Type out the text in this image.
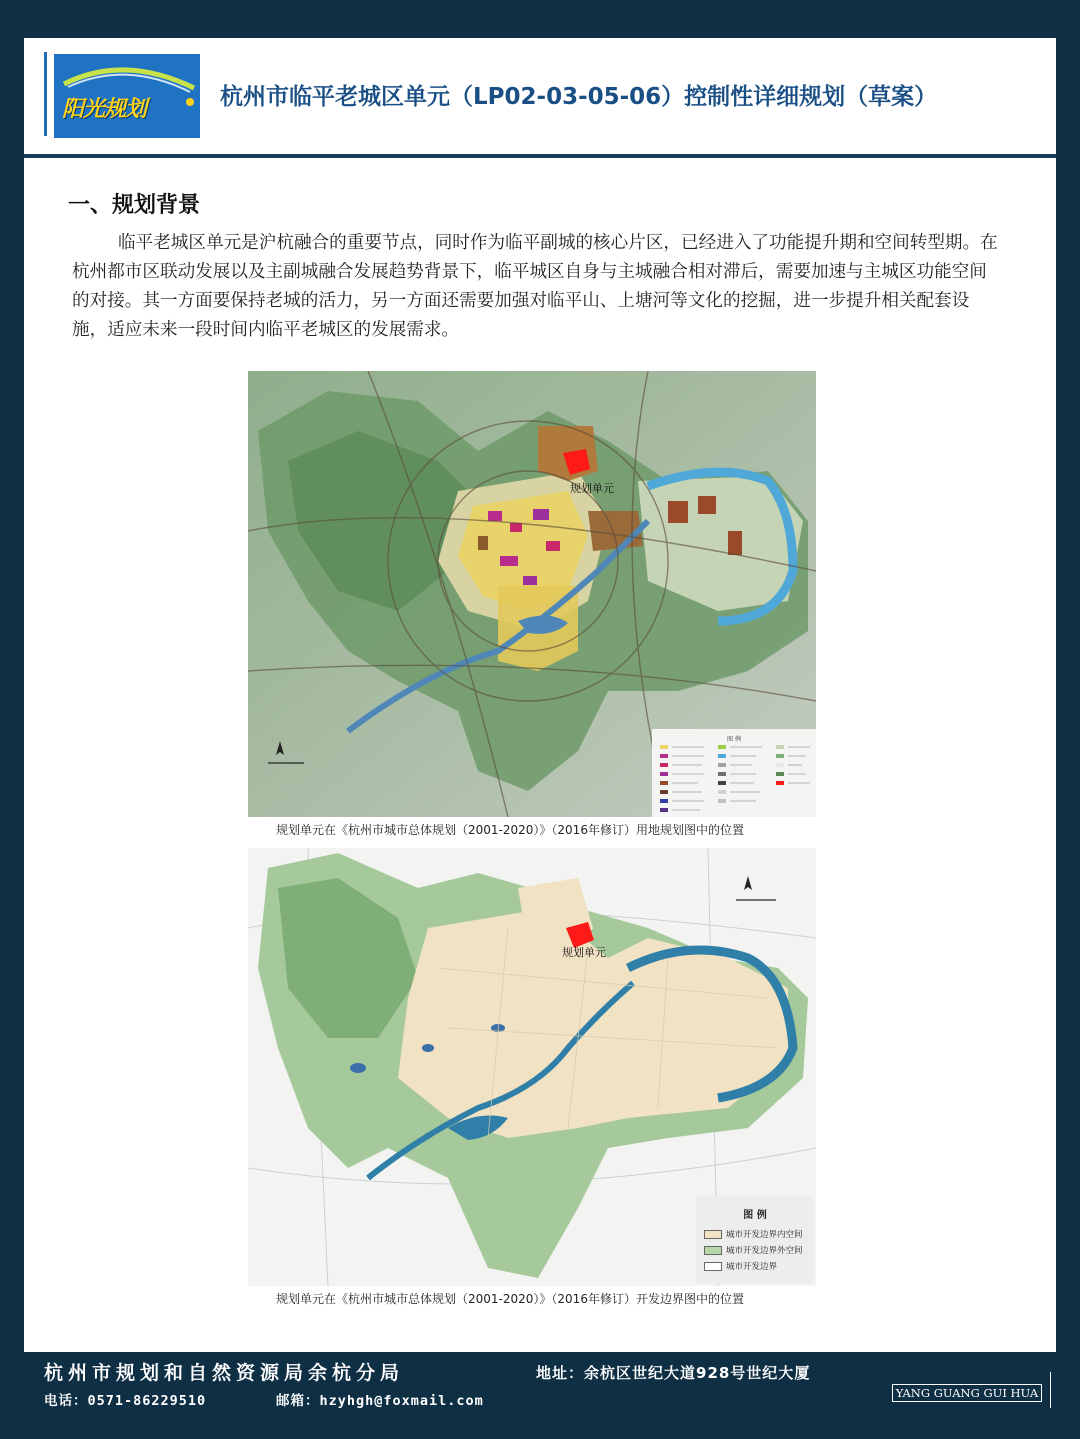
阳光规划	杭州市临平老城区单元（LP02-03-05-06）控制性详细规划（草案）
一、规划背景
临平老城区单元是沪杭融合的重要节点，同时作为临平副城的核心片区，已经进入了功能提升期和空间转型期。在杭州都市区联动发展以及主副城融合发展趋势背景下，临平城区自身与主城融合相对滞后，需要加速与主城区功能空间的对接。其一方面要保持老城的活力，另一方面还需要加强对临平山、上塘河等文化的挖掘，进一步提升相关配套设施，适应未来一段时间内临平老城区的发展需求。
规划单元
图 例
规划单元在《杭州市城市总体规划（2001-2020）》（2016年修订）用地规划图中的位置
规划单元
图 例
城市开发边界内空间
城市开发边界外空间
城市开发边界
规划单元在《杭州市城市总体规划（2001-2020）》（2016年修订）开发边界图中的位置
杭州市规划和自然资源局余杭分局	地址：余杭区世纪大道928号世纪大厦
电话：0571-86229510	邮箱：hzyhgh@foxmail.com	YANG GUANG GUI HUA
